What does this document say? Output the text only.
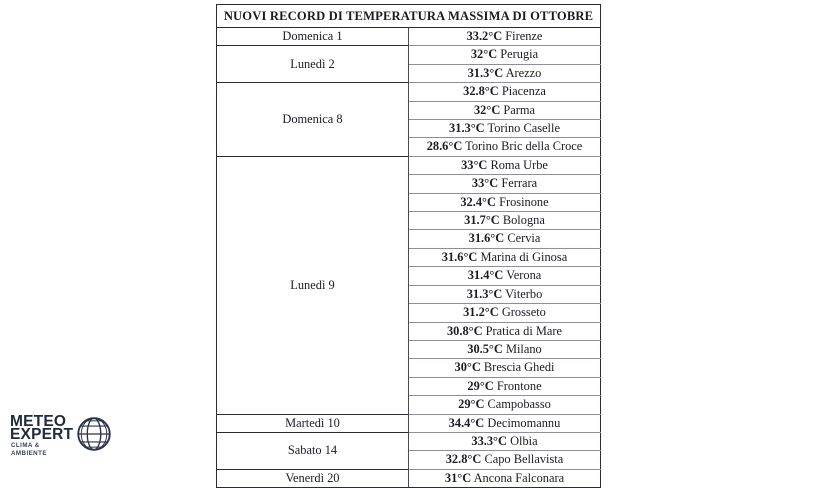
NUOVI RECORD DI TEMPERATURA MASSIMA DI OTTOBRE	

Domenica 1	33.2°C Firenze

Lunedì 2	32°C Perugia
	31.3°C Arezzo

Domenica 8	32.8°C Piacenza
	32°C Parma
	31.3°C Torino Caselle
	28.6°C Torino Bric della Croce

Lunedì 9	33°C Roma Urbe
	33°C Ferrara
	32.4°C Frosinone
	31.7°C Bologna
	31.6°C Cervia
	31.6°C Marina di Ginosa
	31.4°C Verona
	31.3°C Viterbo
	31.2°C Grosseto
	30.8°C Pratica di Mare
	30.5°C Milano
	30°C Brescia Ghedi
	29°C Frontone
	29°C Campobasso

Martedì 10	34.4°C Decimomannu

Sabato 14	33.3°C Olbia
	32.8°C Capo Bellavista

Venerdì 20	31°C Ancona Falconara
METEO
EXPERT
CLIMA & AMBIENTE
